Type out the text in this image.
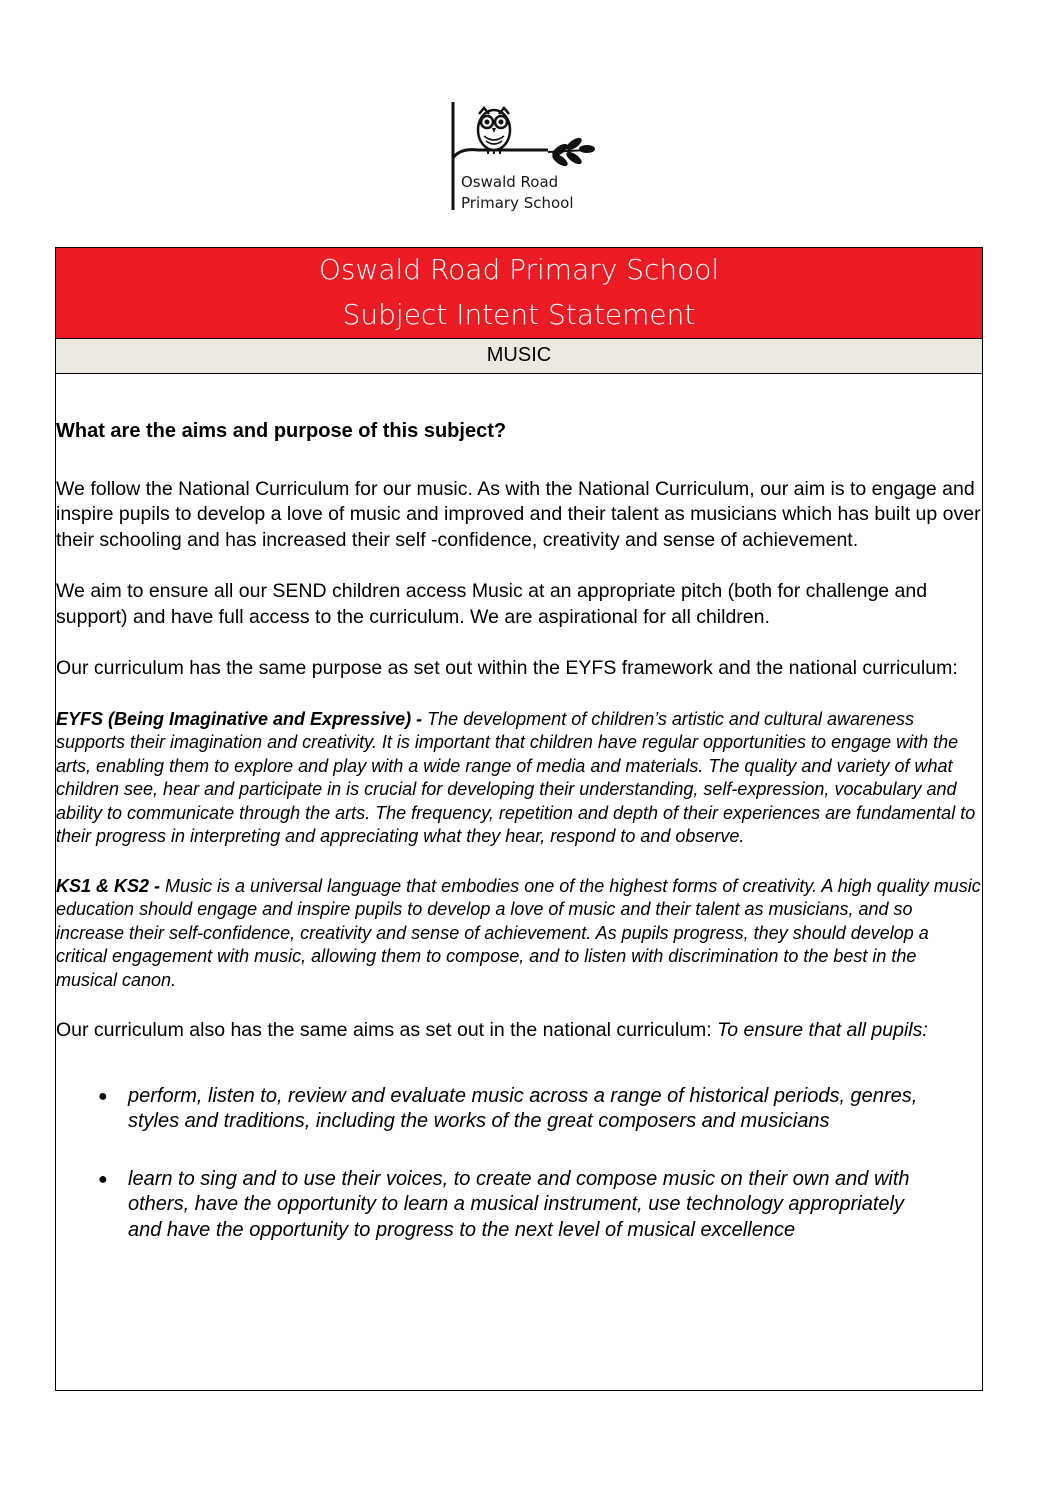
Oswald Road
Primary School
Oswald Road Primary School
Subject Intent Statement
MUSIC
What are the aims and purpose of this subject?

We follow the National Curriculum for our music. As with the National Curriculum, our aim is to engage and inspire pupils to develop a love of music and improved and their talent as musicians which has built up over their schooling and has increased their self -confidence, creativity and sense of achievement.

We aim to ensure all our SEND children access Music at an appropriate pitch (both for challenge and support) and have full access to the curriculum. We are aspirational for all children.

Our curriculum has the same purpose as set out within the EYFS framework and the national curriculum:

EYFS (Being Imaginative and Expressive) - The development of children’s artistic and cultural awareness supports their imagination and creativity. It is important that children have regular opportunities to engage with the arts, enabling them to explore and play with a wide range of media and materials. The quality and variety of what children see, hear and participate in is crucial for developing their understanding, self-expression, vocabulary and ability to communicate through the arts. The frequency, repetition and depth of their experiences are fundamental to their progress in interpreting and appreciating what they hear, respond to and observe.

KS1 & KS2 - Music is a universal language that embodies one of the highest forms of creativity. A high quality music education should engage and inspire pupils to develop a love of music and their talent as musicians, and so increase their self-confidence, creativity and sense of achievement. As pupils progress, they should develop a critical engagement with music, allowing them to compose, and to listen with discrimination to the best in the musical canon.

Our curriculum also has the same aims as set out in the national curriculum: To ensure that all pupils:

● perform, listen to, review and evaluate music across a range of historical periods, genres, styles and traditions, including the works of the great composers and musicians
● learn to sing and to use their voices, to create and compose music on their own and with others, have the opportunity to learn a musical instrument, use technology appropriately and have the opportunity to progress to the next level of musical excellence
